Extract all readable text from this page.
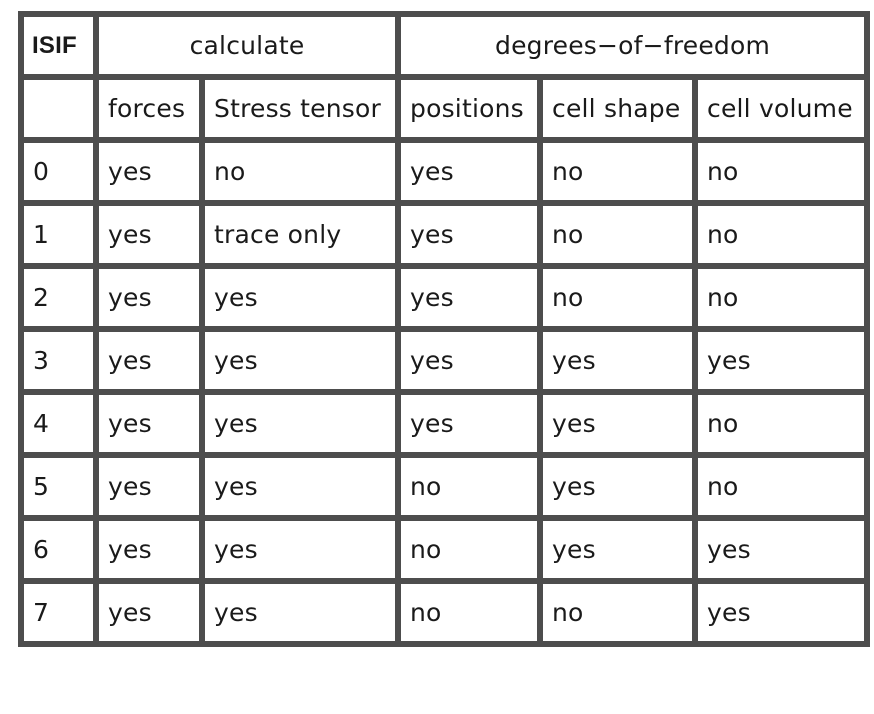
ISIF	calculate		degrees−of−freedom		
	forces	Stress tensor	positions	cell shape	cell volume
0	yes	no	yes	no	no
1	yes	trace only	yes	no	no
2	yes	yes	yes	no	no
3	yes	yes	yes	yes	yes
4	yes	yes	yes	yes	no
5	yes	yes	no	yes	no
6	yes	yes	no	yes	yes
7	yes	yes	no	no	yes
